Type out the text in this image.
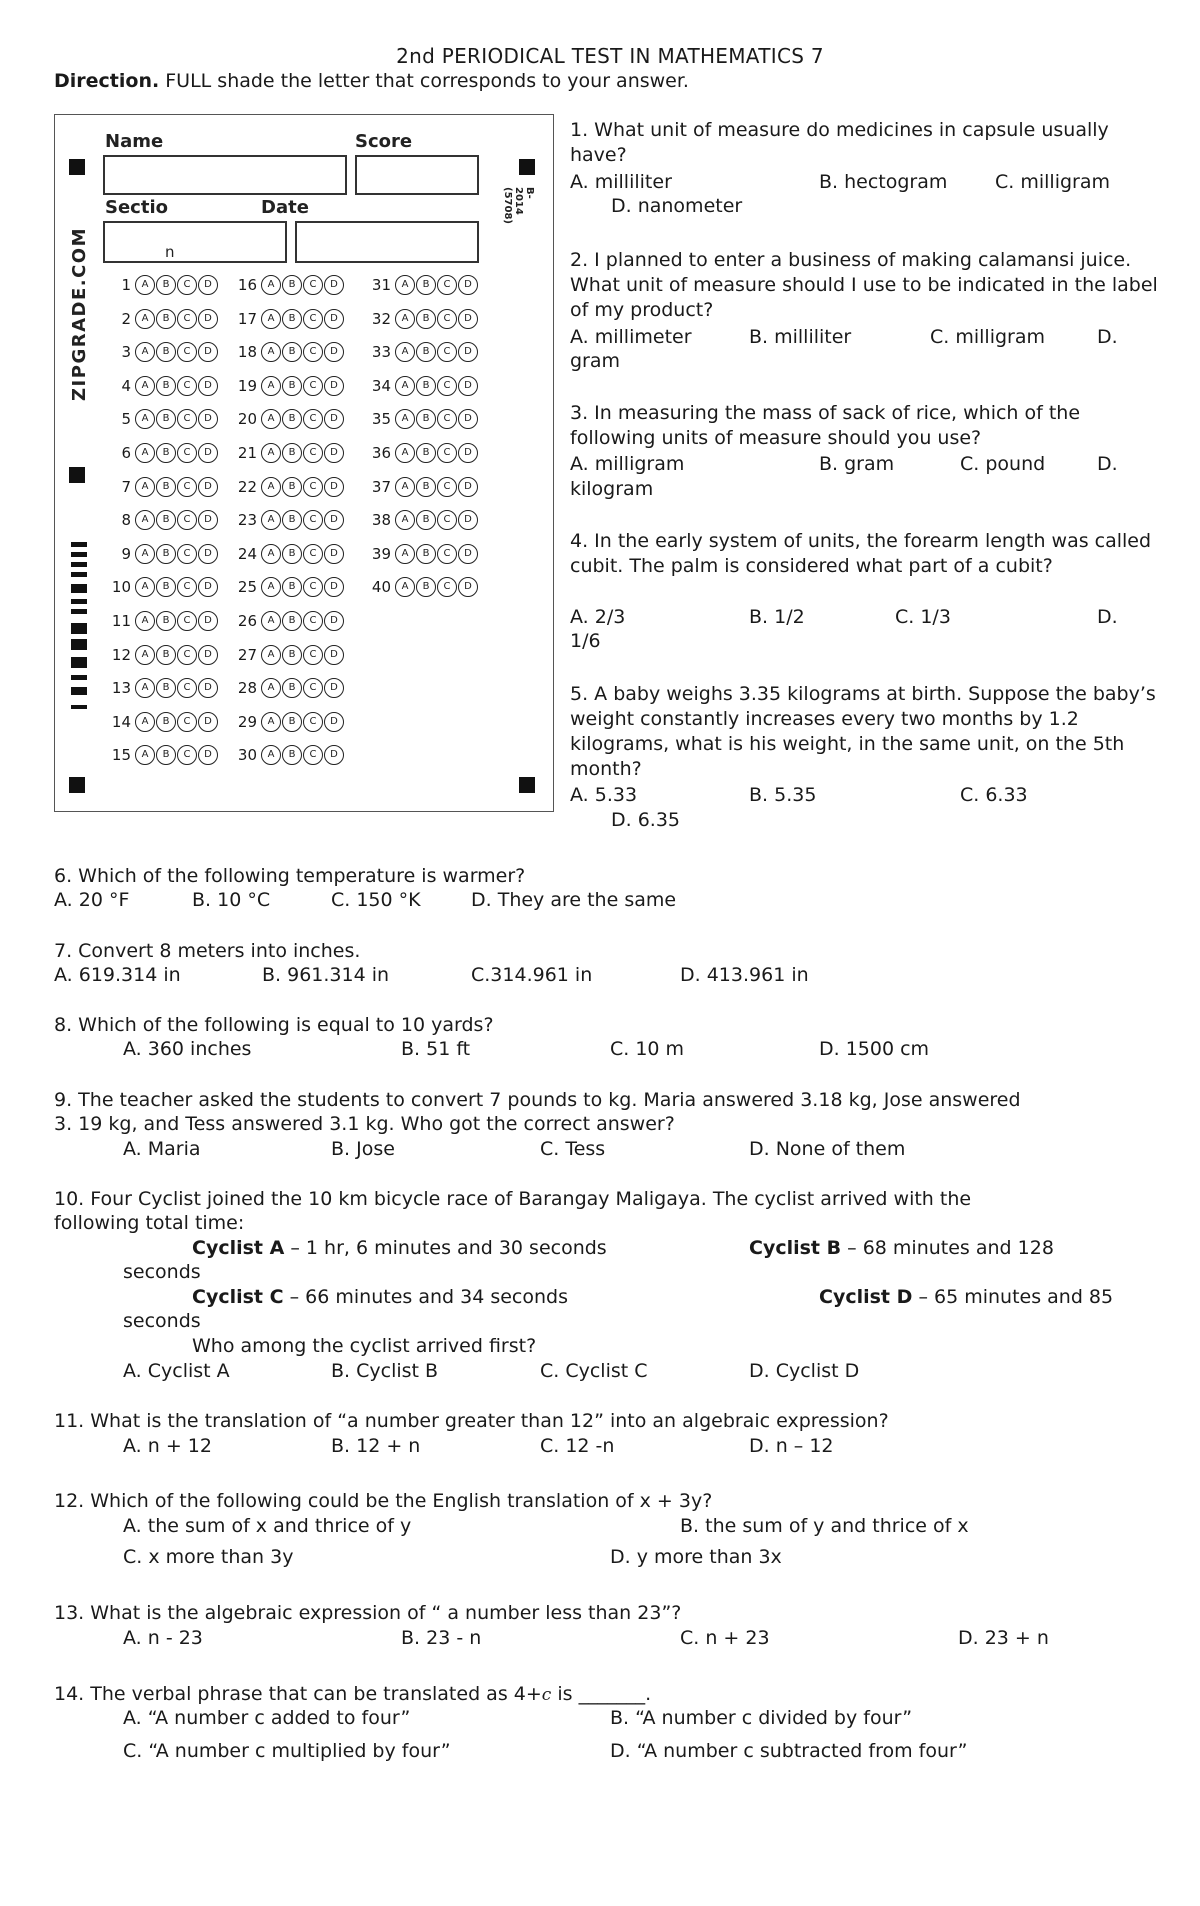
2nd PERIODICAL TEST IN MATHEMATICS 7
Direction. FULL shade the letter that corresponds to your answer.
Name	Score
Sectio	Date
n
ZIPGRADE.COM
B-2014 (5708)
1	A	B	C	D
2	A	B	C	D
3	A	B	C	D
4	A	B	C	D
5	A	B	C	D
6	A	B	C	D
7	A	B	C	D
8	A	B	C	D
9	A	B	C	D
10	A	B	C	D
11	A	B	C	D
12	A	B	C	D
13	A	B	C	D
14	A	B	C	D
15	A	B	C	D
16	A	B	C	D
17	A	B	C	D
18	A	B	C	D
19	A	B	C	D
20	A	B	C	D
21	A	B	C	D
22	A	B	C	D
23	A	B	C	D
24	A	B	C	D
25	A	B	C	D
26	A	B	C	D
27	A	B	C	D
28	A	B	C	D
29	A	B	C	D
30	A	B	C	D
31	A	B	C	D
32	A	B	C	D
33	A	B	C	D
34	A	B	C	D
35	A	B	C	D
36	A	B	C	D
37	A	B	C	D
38	A	B	C	D
39	A	B	C	D
40	A	B	C	D
1. What unit of measure do medicines in capsule usually have?
A. milliliter	B. hectogram	C. milligram
D. nanometer
2. I planned to enter a business of making calamansi juice. What unit of measure should I use to be indicated in the label of my product?
A. millimeter	B. milliliter	C. milligram	D.
gram
3. In measuring the mass of sack of rice, which of the following units of measure should you use?
A. milligram	B. gram	C. pound	D.
kilogram
4. In the early system of units, the forearm length was called cubit. The palm is considered what part of a cubit?
A. 2/3	B. 1/2	C. 1/3	D.
1/6
5. A baby weighs 3.35 kilograms at birth. Suppose the baby’s weight constantly increases every two months by 1.2 kilograms, what is his weight, in the same unit, on the 5th month?
A. 5.33	B. 5.35	C. 6.33
D. 6.35
6. Which of the following temperature is warmer?
A. 20 °F	B. 10 °C	C. 150 °K	D. They are the same
7. Convert 8 meters into inches.
A. 619.314 in	B. 961.314 in	C.314.961 in	D. 413.961 in
8. Which of the following is equal to 10 yards?
A. 360 inches	B. 51 ft	C. 10 m	D. 1500 cm
9. The teacher asked the students to convert 7 pounds to kg. Maria answered 3.18 kg, Jose answered
3. 19 kg, and Tess answered 3.1 kg. Who got the correct answer?
A. Maria	B. Jose	C. Tess	D. None of them
10. Four Cyclist joined the 10 km bicycle race of Barangay Maligaya. The cyclist arrived with the
following total time:
Cyclist A – 1 hr, 6 minutes and 30 seconds	Cyclist B – 68 minutes and 128
seconds
Cyclist C – 66 minutes and 34 seconds	Cyclist D – 65 minutes and 85
seconds
Who among the cyclist arrived first?
A. Cyclist A	B. Cyclist B	C. Cyclist C	D. Cyclist D
11. What is the translation of “a number greater than 12” into an algebraic expression?
A. n + 12	B. 12 + n	C. 12 -n	D. n – 12
12. Which of the following could be the English translation of x + 3y?
A. the sum of x and thrice of y	B. the sum of y and thrice of x
C. x more than 3y	D. y more than 3x
13. What is the algebraic expression of “ a number less than 23”?
A. n - 23	B. 23 - n	C. n + 23	D. 23 + n
14. The verbal phrase that can be translated as 4+c is _______.
A. “A number c added to four”	B. “A number c divided by four”
C. “A number c multiplied by four”	D. “A number c subtracted from four”
